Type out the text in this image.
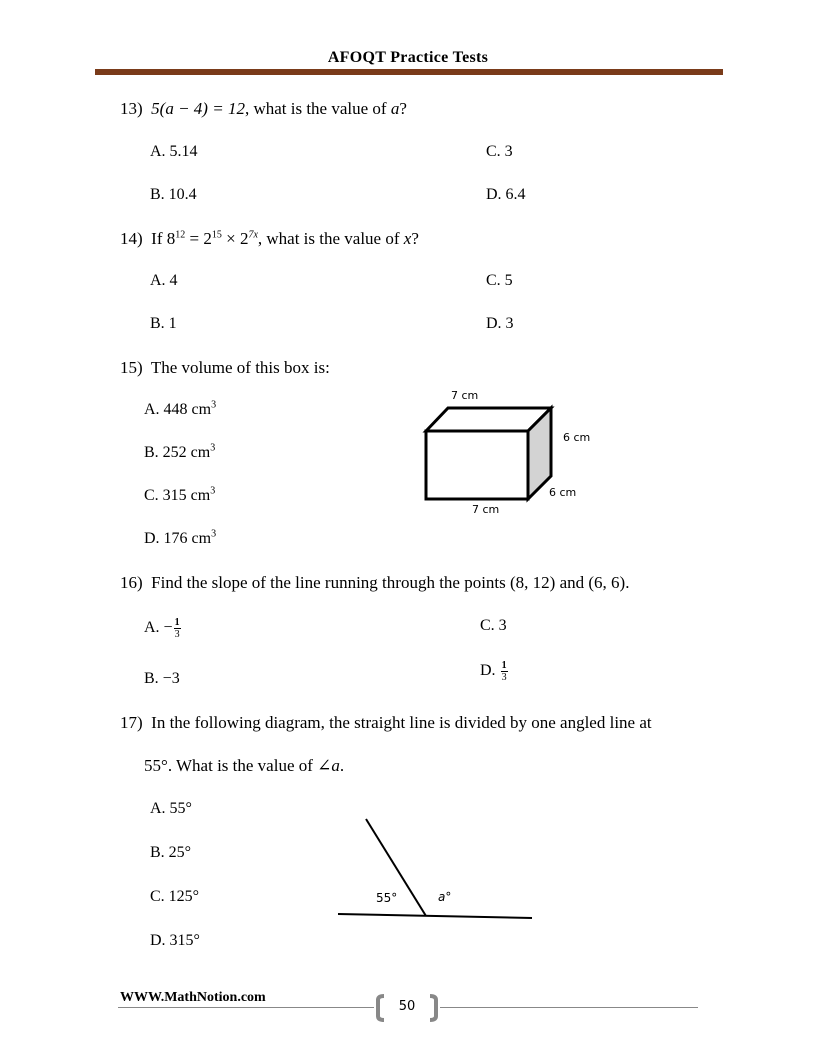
AFOQT Practice Tests
13) 5(a − 4) = 12, what is the value of a?
A. 5.14	C. 3
B. 10.4	D. 6.4
14) If $8^{12} = 2^{15} \times 2^{7x}$, what is the value of x?
A. 4	C. 5
B. 1	D. 3
15) The volume of this box is:
A. 448 $cm^3$
B. 252 $cm^3$
C. 315 $cm^3$
D. 176 $cm^3$
7 cm
6 cm
6 cm
7 cm
16) Find the slope of the line running through the points (8, 12) and (6, 6).
A. − $\frac{1}{3}$	C. 3
B. −3	D. $\frac{1}{3}$
17) In the following diagram, the straight line is divided by one angled line at
55°. What is the value of ∠a.
A. 55°
B. 25°
C. 125°
D. 315°
55°	a°
WWW.MathNotion.com
50
